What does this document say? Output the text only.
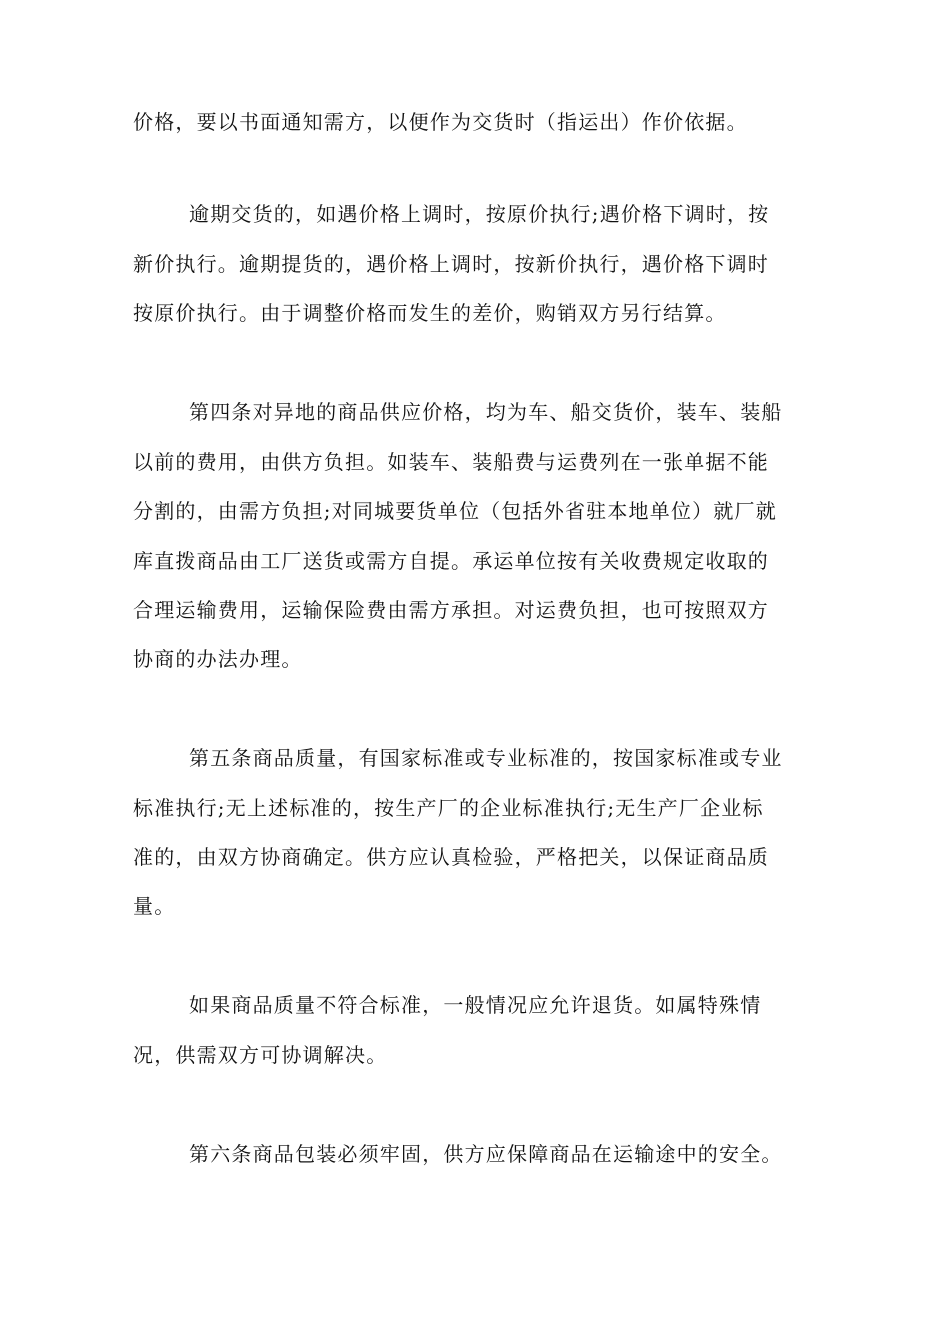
价格，要以书面通知需方，以便作为交货时（指运出）作价依据。
逾期交货的，如遇价格上调时，按原价执行;遇价格下调时，按
新价执行。逾期提货的，遇价格上调时，按新价执行，遇价格下调时
按原价执行。由于调整价格而发生的差价，购销双方另行结算。
第四条对异地的商品供应价格，均为车、船交货价，装车、装船
以前的费用，由供方负担。如装车、装船费与运费列在一张单据不能
分割的，由需方负担;对同城要货单位（包括外省驻本地单位）就厂就
库直拨商品由工厂送货或需方自提。承运单位按有关收费规定收取的
合理运输费用，运输保险费由需方承担。对运费负担，也可按照双方
协商的办法办理。
第五条商品质量，有国家标准或专业标准的，按国家标准或专业
标准执行;无上述标准的，按生产厂的企业标准执行;无生产厂企业标
准的，由双方协商确定。供方应认真检验，严格把关，以保证商品质
量。
如果商品质量不符合标准，一般情况应允许退货。如属特殊情
况，供需双方可协调解决。
第六条商品包装必须牢固，供方应保障商品在运输途中的安全。
